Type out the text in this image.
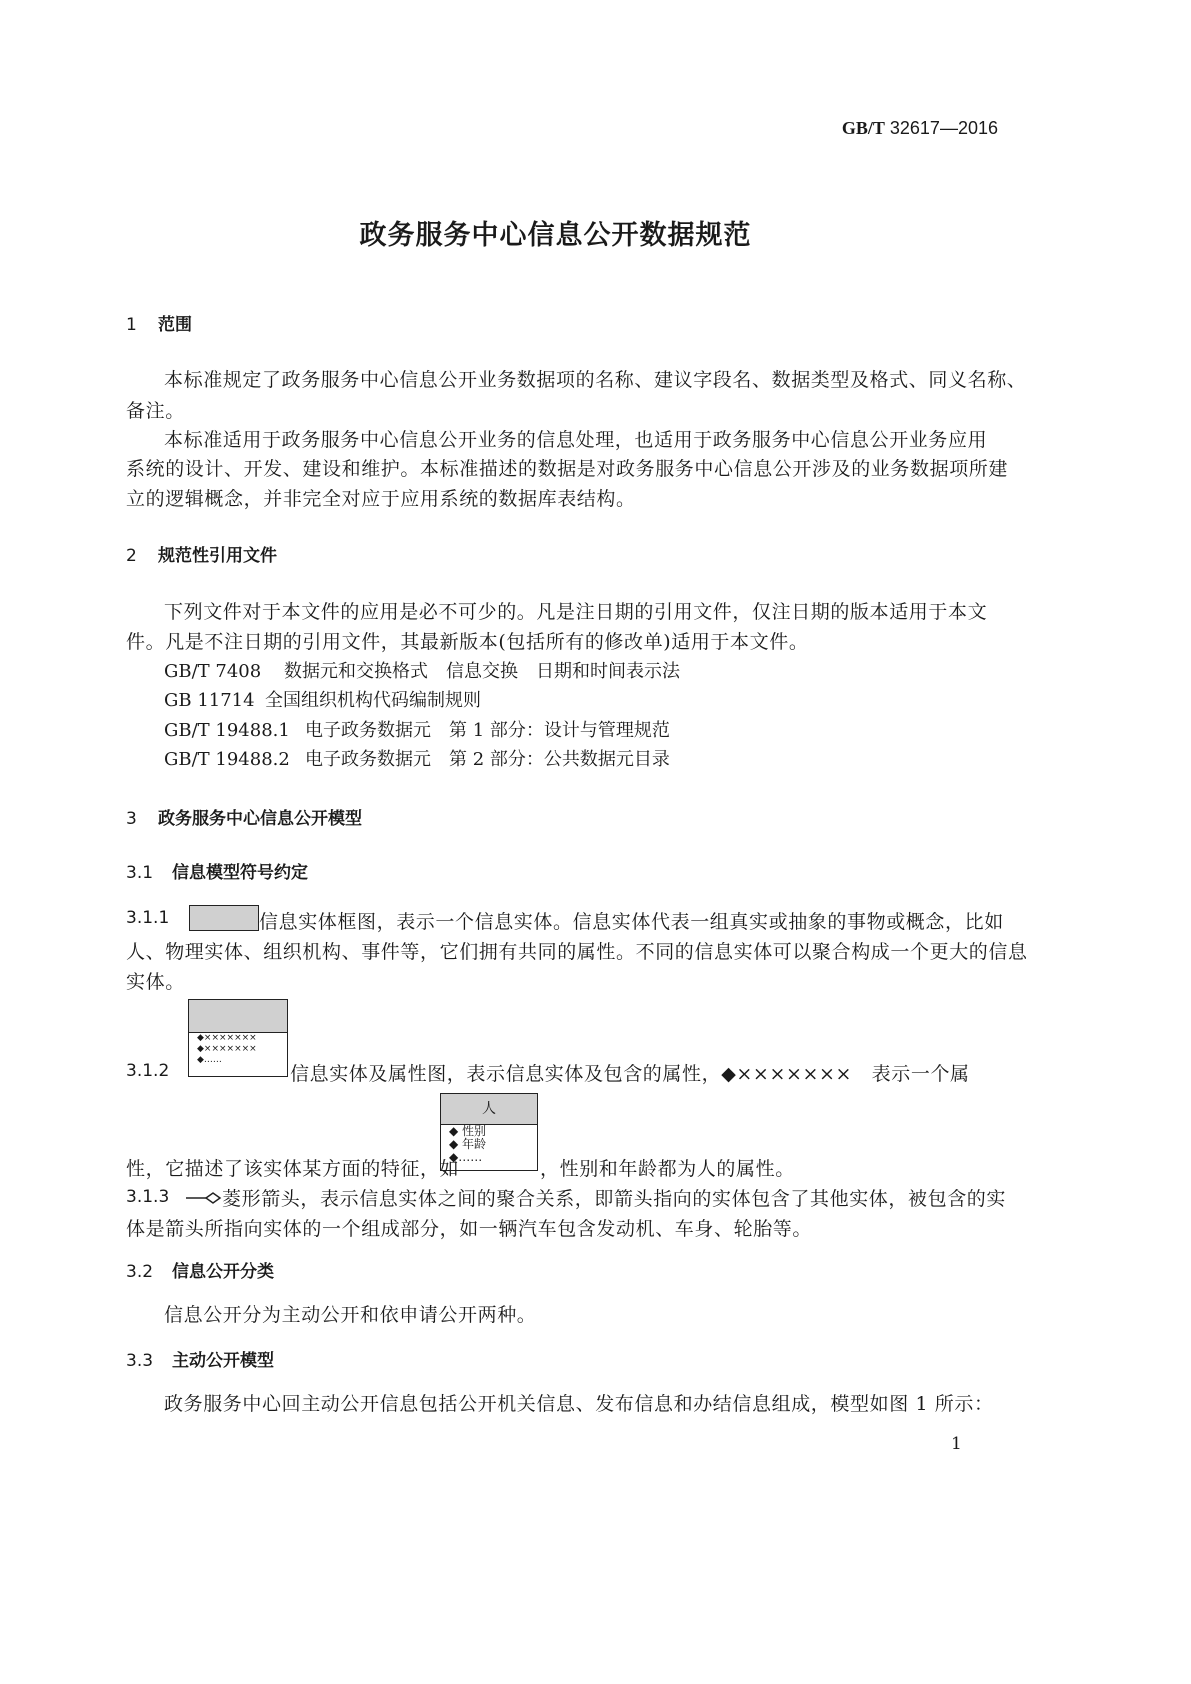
GB/T 32617—2016
政务服务中心信息公开数据规范
1 范围
本标准规定了政务服务中心信息公开业务数据项的名称、建议字段名、数据类型及格式、同义名称、
备注。
本标准适用于政务服务中心信息公开业务的信息处理，也适用于政务服务中心信息公开业务应用
系统的设计、开发、建设和维护。本标准描述的数据是对政务服务中心信息公开涉及的业务数据项所建
立的逻辑概念，并非完全对应于应用系统的数据库表结构。
2 规范性引用文件
下列文件对于本文件的应用是必不可少的。凡是注日期的引用文件，仅注日期的版本适用于本文
件。凡是不注日期的引用文件，其最新版本(包括所有的修改单)适用于本文件。
GB/T 7408 数据元和交换格式　信息交换　日期和时间表示法
GB 11714 全国组织机构代码编制规则
GB/T 19488.1 电子政务数据元　第 1 部分：设计与管理规范
GB/T 19488.2 电子政务数据元　第 2 部分：公共数据元目录
3 政务服务中心信息公开模型
3.1 信息模型符号约定
3.1.1	信息实体框图，表示一个信息实体。信息实体代表一组真实或抽象的事物或概念，比如
人、物理实体、组织机构、事件等，它们拥有共同的属性。不同的信息实体可以聚合构成一个更大的信息
实体。
◆×××××××
◆×××××××
◆……
3.1.2	信息实体及属性图，表示信息实体及包含的属性，◆×××××××　表示一个属
人
◆ 性别
◆ 年龄
◆……
性，它描述了该实体某方面的特征，如	，性别和年龄都为人的属性。
3.1.3	菱形箭头，表示信息实体之间的聚合关系，即箭头指向的实体包含了其他实体，被包含的实
体是箭头所指向实体的一个组成部分，如一辆汽车包含发动机、车身、轮胎等。
3.2 信息公开分类
信息公开分为主动公开和依申请公开两种。
3.3 主动公开模型
政务服务中心回主动公开信息包括公开机关信息、发布信息和办结信息组成，模型如图 1 所示：
1
